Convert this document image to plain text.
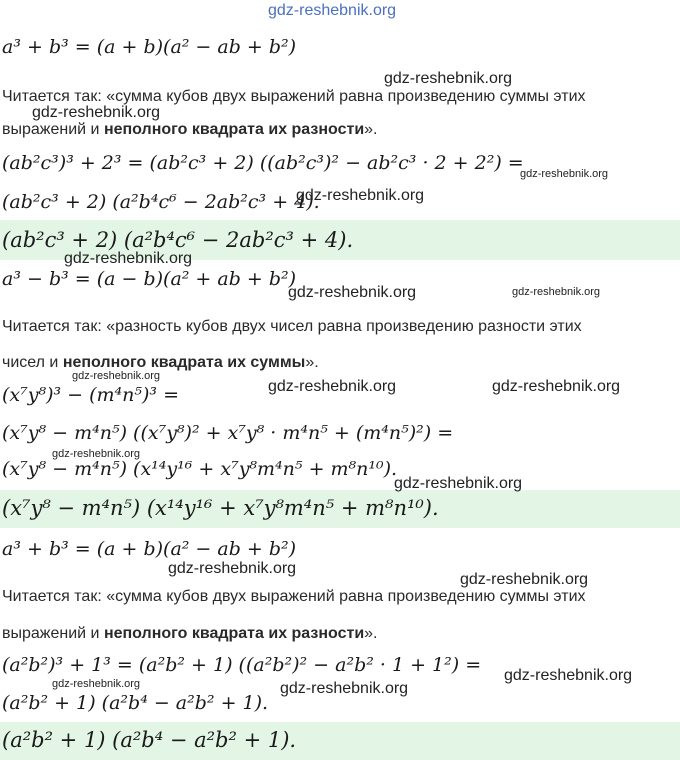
a³ + b³ = (a + b)(a² − ab + b²)
Читается так: «сумма кубов двух выражений равна произведению суммы этих
выражений и неполного квадрата их разности».
(ab²c³)³ + 2³ = (ab²c³ + 2) ((ab²c³)² − ab²c³ · 2 + 2²) =
(ab²c³ + 2) (a²b⁴c⁶ − 2ab²c³ + 4).
(ab²c³ + 2) (a²b⁴c⁶ − 2ab²c³ + 4).
a³ − b³ = (a − b)(a² + ab + b²)
Читается так: «разность кубов двух чисел равна произведению разности этих
чисел и неполного квадрата их суммы».
(x⁷y⁸)³ − (m⁴n⁵)³ =
(x⁷y⁸ − m⁴n⁵) ((x⁷y⁸)² + x⁷y⁸ · m⁴n⁵ + (m⁴n⁵)²) =
(x⁷y⁸ − m⁴n⁵) (x¹⁴y¹⁶ + x⁷y⁸m⁴n⁵ + m⁸n¹⁰).
(x⁷y⁸ − m⁴n⁵) (x¹⁴y¹⁶ + x⁷y⁸m⁴n⁵ + m⁸n¹⁰).
a³ + b³ = (a + b)(a² − ab + b²)
Читается так: «сумма кубов двух выражений равна произведению суммы этих
выражений и неполного квадрата их разности».
(a²b²)³ + 1³ = (a²b² + 1) ((a²b²)² − a²b² · 1 + 1²) =
(a²b² + 1) (a²b⁴ − a²b² + 1).
(a²b² + 1) (a²b⁴ − a²b² + 1).
gdz-reshebnik.org
gdz-reshebnik.org
gdz-reshebnik.org
gdz-reshebnik.org
gdz-reshebnik.org
gdz-reshebnik.org
gdz-reshebnik.org	gdz-reshebnik.org
gdz-reshebnik.org
gdz-reshebnik.org	gdz-reshebnik.org
gdz-reshebnik.org
gdz-reshebnik.org
gdz-reshebnik.org
gdz-reshebnik.org
gdz-reshebnik.org
gdz-reshebnik.org	gdz-reshebnik.org
